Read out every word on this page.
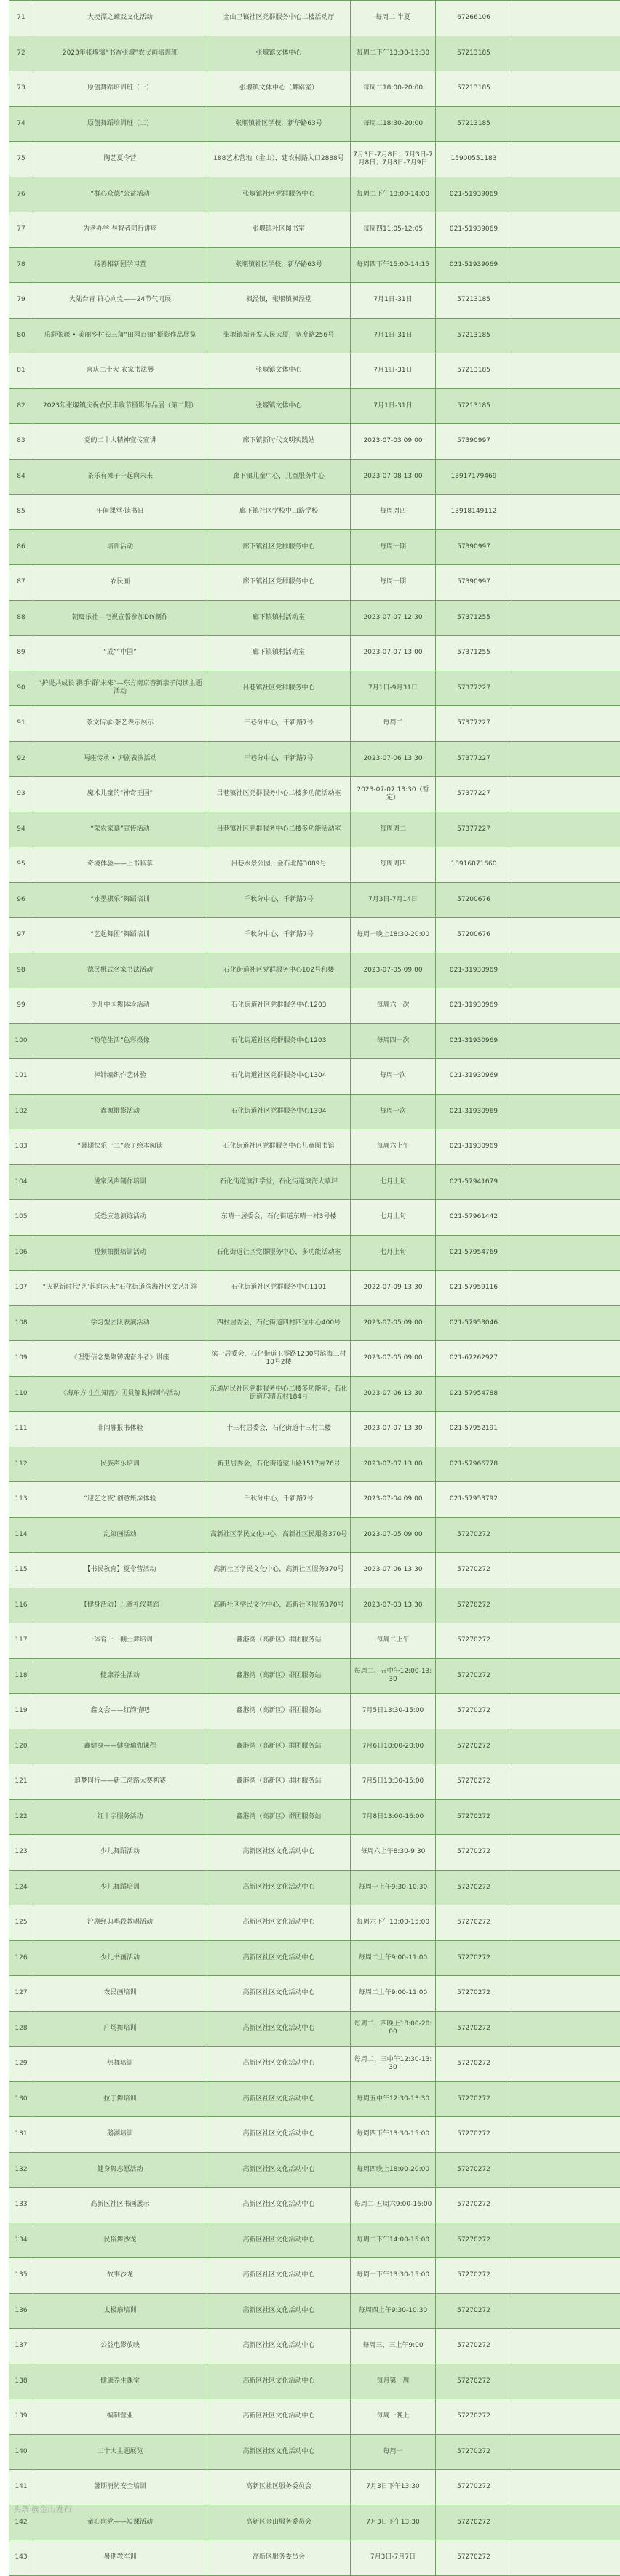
71	大埂潭之疎戏文化活动	金山卫镇社区党群服务中心二楼活动厅	每周二 半夏	67266106	

72	2023年张堰镇“书香张堰”农民画培训班	张堰镇文体中心	每周二下午13:30-15:30	57213185	

73	原创舞蹈培训班（一）	张堰镇文体中心（舞蹈室）	每周二18:00-20:00	57213185	

74	原创舞蹈培训班（二）	张堰镇社区学校，新华路63号	每周二18:30-20:00	57213185	

75	陶艺夏令营	188艺术营地（金山），建农村路入口2888号	7月3日-7月8日；7月3日-7月8日；7月8日-7月9日	15900551183	

76	“群心众德”公益活动	张堰镇社区党群服务中心	每周二下午13:00-14:00	021-51939069	

77	为老办学 与智者同行讲座	张堰镇社区图书室	每周四11:05-12:05	021-51939069	

78	扬善相新园学习营	张堰镇社区学校，新华路63号	每周四下午15:00-14:15	021-51939069	

79	大陆台青 群心向党——24节气同展	枫泾镇，张堰镇枫泾堂	7月1日-31日	57213185	

80	乐彩张堰 • 美丽乡村长三角“田园百镇”摄影作品展览	张堰镇新开发人民大厦，宽度路256号	7月1日-31日	57213185	

81	喜庆二十大 农家书法展	张堰镇文体中心	7月1日-31日	57213185	

82	2023年张堰镇庆祝农民丰收节摄影作品展（第二期）	张堰镇文体中心	7月1日-31日	57213185	

83	党的二十大精神宣传宣讲	廊下镇新时代文明实践站	2023-07-03 09:00	57390997	

84	茶乐有摊子一起向未来	廊下镇儿童中心，儿童服务中心	2023-07-08 13:00	13917179469	

85	午间课堂·读书日	廊下镇社区学校中山路学校	每周周四	13918149112	

86	培训活动	廊下镇社区党群服务中心	每周一期	57390997	

87	农民画	廊下镇社区党群服务中心	每周一期	57390997	

88	朝鹰乐社—电视宣誓参加DIY制作	廊下镇镇村活动室	2023-07-07 12:30	57371255	

89	“成”“中国”	廊下镇镇村活动室	2023-07-07 13:00	57371255	

90	“护堤共成长 携手‘群’未来”—东方南京杏新亲子阅读主题活动	吕巷镇社区党群服务中心	7月1日-9月31日	57377227	

91	茶文传承·茶艺表示展示	干巷分中心，干新路7号	每周二	57377227	

92	两座传承 • 沪剧表演活动	干巷分中心，干新路7号	2023-07-06 13:30	57377227	

93	魔术儿童的“神奇王国”	吕巷镇社区党群服务中心二楼多功能活动室	2023-07-07 13:30（暂定）	57377227	

94	“荣农家慕”宣传活动	吕巷镇社区党群服务中心二楼多功能活动室	每周周二	57377227	

95	奇境体验——上书临摹	吕巷水景公园，金石北路3089号	每周周四	18916071660	

96	“水墨棋乐”舞蹈培训	千秋分中心，千新路7号	7月3日-7月14日	57200676	

97	“艺起舞团”舞蹈培训	千秋分中心，千新路7号	每周一晚上18:30-20:00	57200676	

98	德民桃式名家书法活动	石化街道社区党群服务中心102号和楼	2023-07-05 09:00	021-31930969	

99	少儿中国舞体验活动	石化街道社区党群服务中心1203	每周六一次	021-31930969	

100	“粉笔生活”色彩摄像	石化街道社区党群服务中心1203	每周四一次	021-31930969	

101	棒针编织作艺体验	石化街道社区党群服务中心1304	每周一次	021-31930969	

102	鑫源摄影活动	石化街道社区党群服务中心1304	每周一次	021-31930969	

103	“暑期快乐一二”亲子绘本阅读	石化街道社区党群服务中心儿童图书馆	每周六上午	021-31930969	

104	滋家风声制作培训	石化街道滨江学堂，石化街道滨海大草坪	七月上旬	021-57941679	

105	反恐应急演练活动	东晴一居委会，石化街道东晴一村3号楼	七月上旬	021-57961442	

106	视频拍摄培训活动	石化街道社区党群服务中心，多功能活动室	七月上旬	021-57954769	

107	“庆祝新时代‘艺’起向未来”石化街道滨海社区文艺汇演	石化街道社区党群服务中心1101	2022-07-09 13:30	021-57959116	

108	学习型团队表演活动	四村居委会，石化街道四村四位中心400号	2023-07-05 09:00	021-57953046	

109	《理想信念集聚铸魂奋斗者》讲座	滨一居委会，石化街道卫零路1230号滨海三村10号2楼	2023-07-05 09:00	021-67262927	

110	《海东方 生生知音》团员解说标制作活动	东通居民社区党群服务中心二楼多功能室，石化街道东晴五村184号	2023-07-06 13:30	021-57954788	

111	非闻静报书体验	十三村居委会，石化街道十三村二楼	2023-07-07 13:30	021-57952191	

112	民族声乐培训	新卫居委会，石化街道蒙山路1517弄76号	2023-07-07 13:00	021-57966778	

113	“迎艺之夜”创意瓶涂体验	千秋分中心，千新路7号	2023-07-04 09:00	021-57953792	

114	乱染画活动	高新社区学民文化中心，高新社区民服务370号	2023-07-05 09:00	57270272	

115	【书民教育】夏令营活动	高新社区学民文化中心，高新社区服务370号	2023-07-06 13:30	57270272	

116	【健身活动】儿童礼仪舞蹈	高新社区学民文化中心，高新社区服务370号	2023-07-03 13:30	57270272	

117	一体育一一棚士舞培训	鑫港湾（高新区）群团服务站	每周二上午	57270272	

118	健康养生活动	鑫港湾（高新区）群团服务站	每周二、五中午12:00-13:30	57270272	

119	鑫文会——红韵情吧	鑫港湾（高新区）群团服务站	7月5日13:30-15:00	57270272	

120	鑫健身——健身瑜伽课程	鑫港湾（高新区）群团服务站	7月6日18:00-20:00	57270272	

121	追梦同行——新三湾路大赛初赛	鑫港湾（高新区）群团服务站	7月5日13:30-15:00	57270272	

122	红十字服务活动	鑫港湾（高新区）群团服务站	7月8日13:00-16:00	57270272	

123	少儿舞蹈活动	高新区社区文化活动中心	每周六上午8:30-9:30	57270272	

124	少儿舞蹈培训	高新区社区文化活动中心	每周一上午9:30-10:30	57270272	

125	沪剧经典唱段教唱活动	高新区社区文化活动中心	每周六下午13:00-15:00	57270272	

126	少儿书画活动	高新区社区文化活动中心	每周二上午9:00-11:00	57270272	

127	农民画培训	高新区社区文化活动中心	每周二上午9:00-11:00	57270272	

128	广场舞培训	高新区社区文化活动中心	每周二、四晚上18:00-20:00	57270272	

129	热舞培训	高新区社区文化活动中心	每周二、三中午12:30-13:30	57270272	

130	拉丁舞培训	高新区社区文化活动中心	每周五中午12:30-13:30	57270272	

131	鹅湖培训	高新区社区文化活动中心	每周四下午13:30-15:00	57270272	

132	健身舞志愿活动	高新区社区文化活动中心	每周四晚上18:00-20:00	57270272	

133	高新区社区书画展示	高新区社区文化活动中心	每周二-五周六9:00-16:00	57270272	

134	民俗舞沙龙	高新区社区文化活动中心	每周二下午14:00-15:00	57270272	

135	故事沙龙	高新区社区文化活动中心	每周一下午13:30-15:00	57270272	

136	太极扇培训	高新区社区文化活动中心	每周四上午9:30-10:30	57270272	

137	公益电影放映	高新区社区文化活动中心	每周三、三上午9:00	57270272	

138	健康养生课堂	高新区社区文化活动中心	每月第一周	57270272	

139	编制营业	高新区社区文化活动中心	每周一晚上	57270272	

140	二十大主题展览	高新区社区文化活动中心	每周一	57270272	

141	暑期消防安全培训	高新区社区服务委员会	7月3日下午13:30	57270272	

142	童心向党——短课活动	高新区金山服务委员会	7月3日下午13:30	57270272	

143	暑期教军训	高新区服务委员会	7月3日-7月7日	57270272	

头条 @金山发布
